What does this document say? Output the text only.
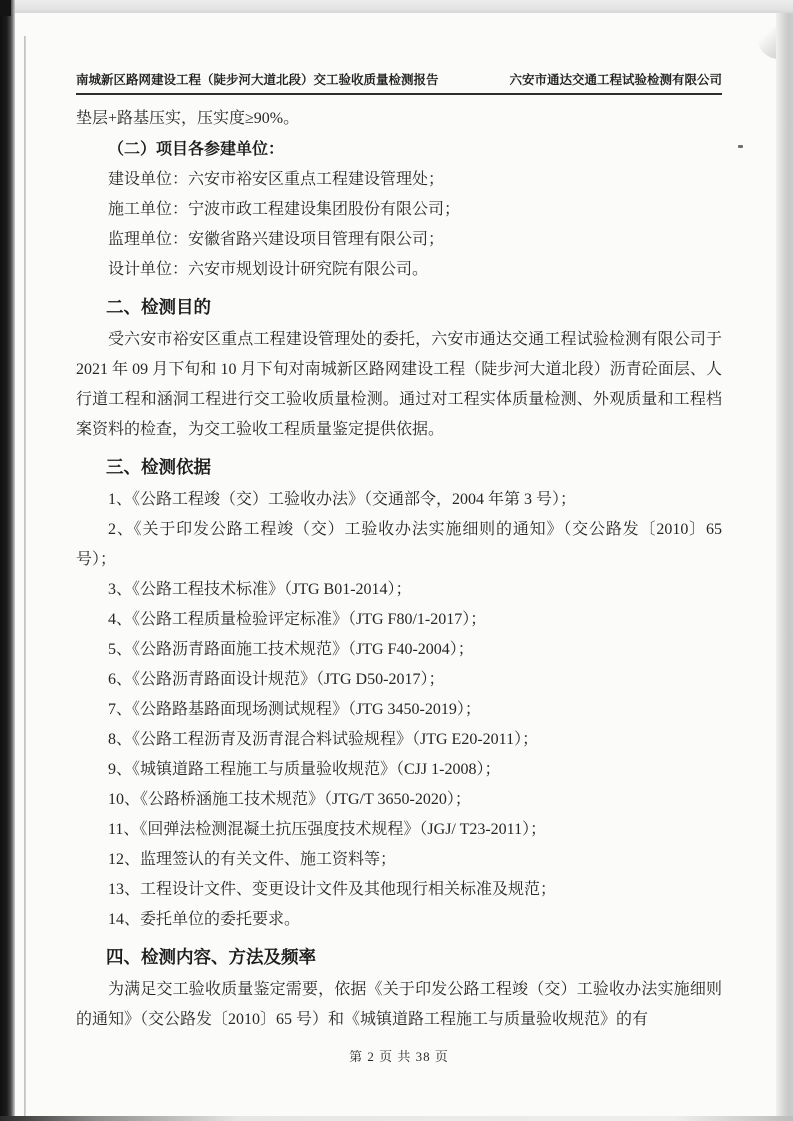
南城新区路网建设工程（陡步河大道北段）交工验收质量检测报告	六安市通达交通工程试验检测有限公司

垫层+路基压实，压实度≥90%。

（二）项目各参建单位：

建设单位：六安市裕安区重点工程建设管理处；

施工单位：宁波市政工程建设集团股份有限公司；

监理单位：安徽省路兴建设项目管理有限公司；

设计单位：六安市规划设计研究院有限公司。

二、检测目的

受六安市裕安区重点工程建设管理处的委托，六安市通达交通工程试验检测有限公司于 2021 年 09 月下旬和 10 月下旬对南城新区路网建设工程（陡步河大道北段）沥青砼面层、人行道工程和涵洞工程进行交工验收质量检测。通过对工程实体质量检测、外观质量和工程档案资料的检查，为交工验收工程质量鉴定提供依据。

三、检测依据

1、《公路工程竣（交）工验收办法》（交通部令，2004 年第 3 号）；

2、《关于印发公路工程竣（交）工验收办法实施细则的通知》（交公路发〔2010〕65 号）；

3、《公路工程技术标准》（JTG B01-2014）；

4、《公路工程质量检验评定标准》（JTG F80/1-2017）；

5、《公路沥青路面施工技术规范》（JTG F40-2004）；

6、《公路沥青路面设计规范》（JTG D50-2017）；

7、《公路路基路面现场测试规程》（JTG 3450-2019）；

8、《公路工程沥青及沥青混合料试验规程》（JTG E20-2011）；

9、《城镇道路工程施工与质量验收规范》（CJJ 1-2008）；

10、《公路桥涵施工技术规范》（JTG/T 3650-2020）；

11、《回弹法检测混凝土抗压强度技术规程》（JGJ/ T23-2011）；

12、监理签认的有关文件、施工资料等；

13、工程设计文件、变更设计文件及其他现行相关标准及规范；

14、委托单位的委托要求。

四、检测内容、方法及频率

为满足交工验收质量鉴定需要，依据《关于印发公路工程竣（交）工验收办法实施细则的通知》（交公路发〔2010〕65 号）和《城镇道路工程施工与质量验收规范》的有

第 2 页 共 38 页
